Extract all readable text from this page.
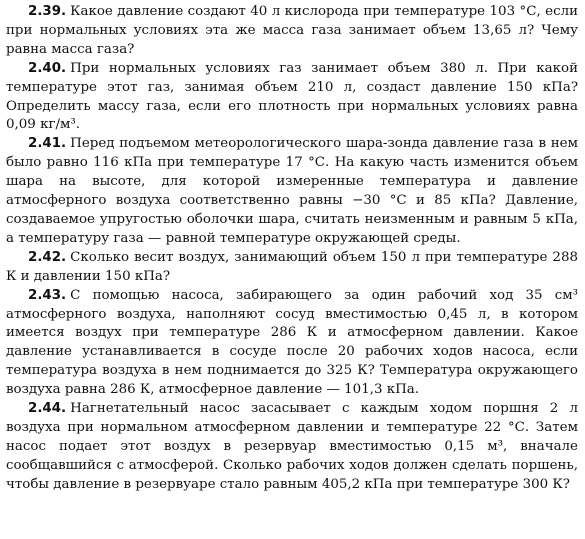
2.39. Какое давление создают 40 л кислорода при температуре 103 °С, если при нормальных условиях эта же масса газа занимает объем 13,65 л? Чему равна масса газа?

2.40. При нормальных условиях газ занимает объем 380 л. При какой температуре этот газ, занимая объем 210 л, создаст давление 150 кПа? Определить массу газа, если его плотность при нормальных условиях равна 0,09 кг/м³.

2.41. Перед подъемом метеорологического шара-зонда давление газа в нем было равно 116 кПа при температуре 17 °С. На какую часть изменится объем шара на высоте, для которой измеренные температура и давление атмосферного воздуха соответственно равны −30 °С и 85 кПа? Давление, создаваемое упругостью оболочки шара, считать неизменным и равным 5 кПа, а температуру газа — равной температуре окружающей среды.

2.42. Сколько весит воздух, занимающий объем 150 л при температуре 288 К и давлении 150 кПа?

2.43. С помощью насоса, забирающего за один рабочий ход 35 см³ атмосферного воздуха, наполняют сосуд вместимостью 0,45 л, в котором имеется воздух при температуре 286 К и атмосферном давлении. Какое давление устанавливается в сосуде после 20 рабочих ходов насоса, если температура воздуха в нем поднимается до 325 К? Температура окружающего воздуха равна 286 К, атмосферное давление — 101,3 кПа.

2.44. Нагнетательный насос засасывает с каждым ходом поршня 2 л воздуха при нормальном атмосферном давлении и температуре 22 °С. Затем насос подает этот воздух в резервуар вместимостью 0,15 м³, вначале сообщавшийся с атмосферой. Сколько рабочих ходов должен сделать поршень, чтобы давление в резервуаре стало равным 405,2 кПа при температуре 300 К?
